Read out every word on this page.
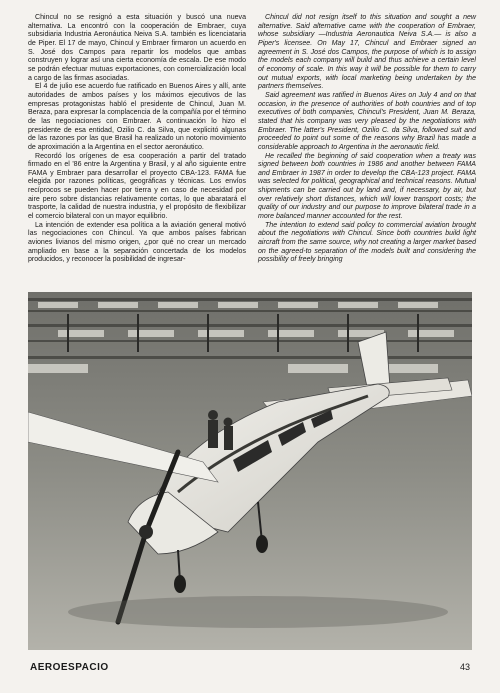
Chincul no se resignó a esta situación y buscó una nueva alternativa. La encontró con la cooperación de Embraer, cuya subsidiaria Industria Aeronáutica Neiva S.A. también es licenciataria de Piper. El 17 de mayo, Chincul y Embraer firmaron un acuerdo en S. José dos Campos para repartir los modelos que ambas construyen y lograr así una cierta economía de escala. De ese modo se podrán efectuar mutuas exportaciones, con comercialización local a cargo de las firmas asociadas.

El 4 de julio ese acuerdo fue ratificado en Buenos Aires y allí, ante autoridades de ambos países y los máximos ejecutivos de las empresas protagonistas habló el presidente de Chincul, Juan M. Beraza, para expresar la complacencia de la compañía por el término de las negociaciones con Embraer. A continuación lo hizo el presidente de esa entidad, Ozilio C. da Silva, que explicitó algunas de las razones por las que Brasil ha realizado un notorio movimiento de aproximación a la Argentina en el sector aeronáutico.

Recordó los orígenes de esa cooperación a partir del tratado firmado en el '86 entre la Argentina y Brasil, y al año siguiente entre FAMA y Embraer para desarrollar el proyecto CBA-123. FAMA fue elegida por razones políticas, geográficas y técnicas. Los envíos recíprocos se pueden hacer por tierra y en caso de necesidad por aire pero sobre distancias relativamente cortas, lo que abaratará el trasporte, la calidad de nuestra industria, y el propósito de flexibilizar el comercio bilateral con un mayor equilibrio.

La intención de extender esa política a la aviación general motivó las negociaciones con Chincul. Ya que ambos países fabrican aviones livianos del mismo origen, ¿por qué no crear un mercado ampliado en base a la separación concertada de los modelos producidos, y reconocer la posibilidad de ingresar-

Chincul did not resign itself to this situation and sought a new alternative. Said alternative came with the cooperation of Embraer, whose subsidiary —Industria Aeronautica Neiva S.A.— is also a Piper's licensee. On May 17, Chincul and Embraer signed an agreement in S. José dos Campos, the purpose of which is to assign the models each company will build and thus achieve a certain level of economy of scale. In this way it will be possible for them to carry out mutual exports, with local marketing being undertaken by the partners themselves.

Said agreement was ratified in Buenos Aires on July 4 and on that occasion, in the presence of authorities of both countries and of top executives of both companies, Chincul's President, Juan M. Beraza, stated that his company was very pleased by the negotiations with Embraer. The latter's President, Ozilio C. da Silva, followed suit and proceeded to point out some of the reasons why Brazil has made a considerable approach to Argentina in the aeronautic field.

He recalled the beginning of said cooperation when a treaty was signed between both countries in 1986 and another between FAMA and Embraer in 1987 in order to develop the CBA-123 project. FAMA was selected for political, geographical and technical reasons. Mutual shipments can be carried out by land and, if necessary, by air, but over relatively short distances, which will lower transport costs; the quality of our industry and our purpose to improve bilateral trade in a more balanced manner accounted for the rest.

The intention to extend said policy to commercial aviation brought about the negotiations with Chincul. Since both countries build light aircraft from the same source, why not creating a larger market based on the agreed-to separation of the models built and considering the possibility of freely bringing

AEROESPACIO	43
